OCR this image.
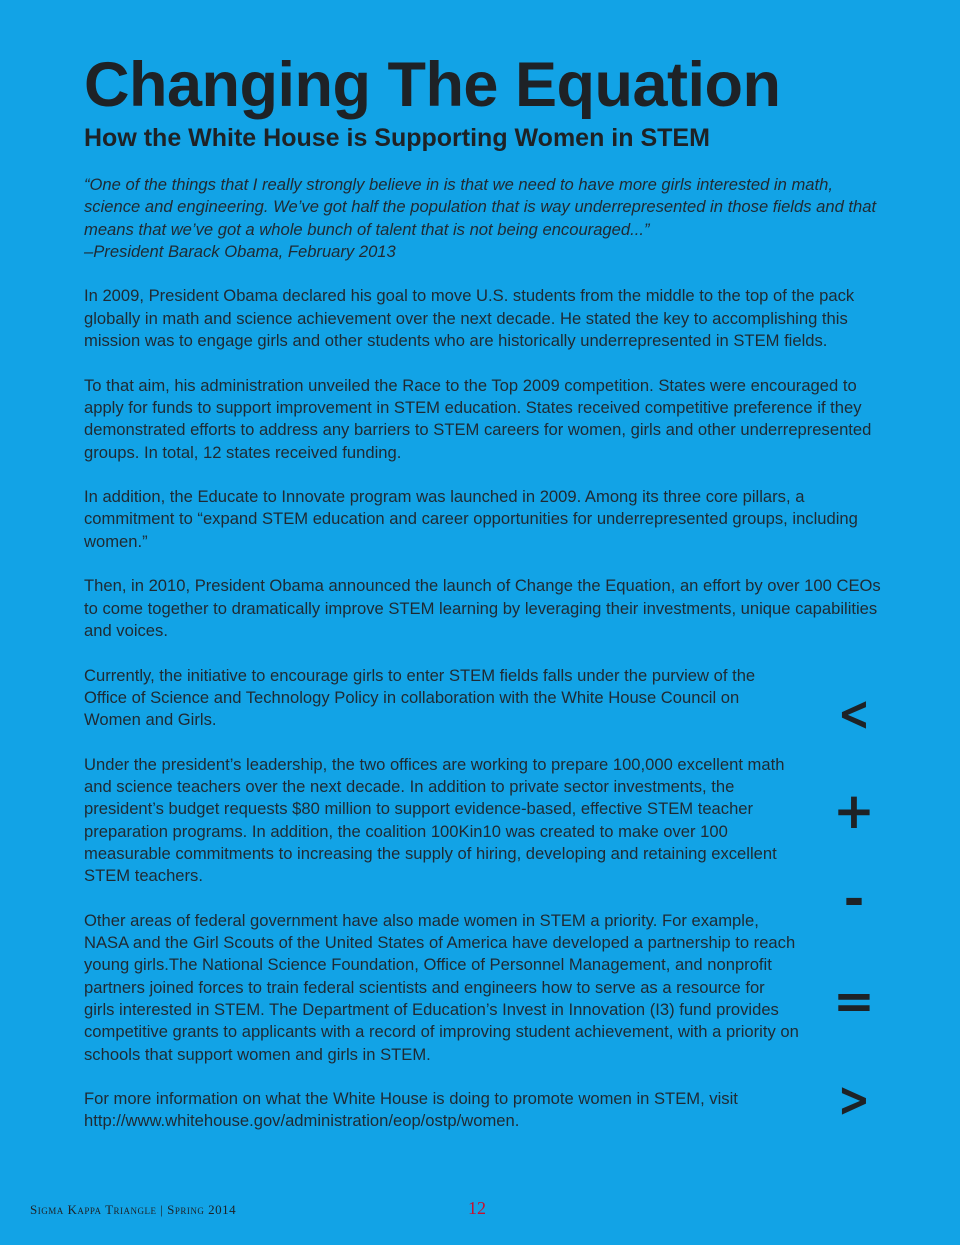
Changing The Equation
How the White House is Supporting Women in STEM

“One of the things that I really strongly believe in is that we need to have more girls interested in math, science and engineering. We’ve got half the population that is way underrepresented in those fields and that means that we’ve got a whole bunch of talent that is not being encouraged...”
–President Barack Obama, February 2013

In 2009, President Obama declared his goal to move U.S. students from the middle to the top of the pack globally in math and science achievement over the next decade. He stated the key to accomplishing this mission was to engage girls and other students who are historically underrepresented in STEM fields.

To that aim, his administration unveiled the Race to the Top 2009 competition. States were encouraged to apply for funds to support improvement in STEM education. States received competitive preference if they demonstrated efforts to address any barriers to STEM careers for women, girls and other underrepresented groups. In total, 12 states received funding.

In addition, the Educate to Innovate program was launched in 2009. Among its three core pillars, a commitment to “expand STEM education and career opportunities for underrepresented groups, including women.”

Then, in 2010, President Obama announced the launch of Change the Equation, an effort by over 100 CEOs to come together to dramatically improve STEM learning by leveraging their investments, unique capabilities and voices.

Currently, the initiative to encourage girls to enter STEM fields falls under the purview of the Office of Science and Technology Policy in collaboration with the White House Council on Women and Girls.

Under the president’s leadership, the two offices are working to prepare 100,000 excellent math and science teachers over the next decade. In addition to private sector investments, the president’s budget requests $80 million to support evidence-based, effective STEM teacher preparation programs. In addition, the coalition 100Kin10 was created to make over 100 measurable commitments to increasing the supply of hiring, developing and retaining excellent STEM teachers.

Other areas of federal government have also made women in STEM a priority. For example, NASA and the Girl Scouts of the United States of America have developed a partnership to reach young girls.The National Science Foundation, Office of Personnel Management, and nonprofit partners joined forces to train federal scientists and engineers how to serve as a resource for girls interested in STEM. The Department of Education’s Invest in Innovation (I3) fund provides competitive grants to applicants with a record of improving student achievement, with a priority on schools that support women and girls in STEM.

For more information on what the White House is doing to promote women in STEM, visit http://www.whitehouse.gov/administration/eop/ostp/women.

<
+
-
=
>
Sigma Kappa Triangle | Spring 2014	12
